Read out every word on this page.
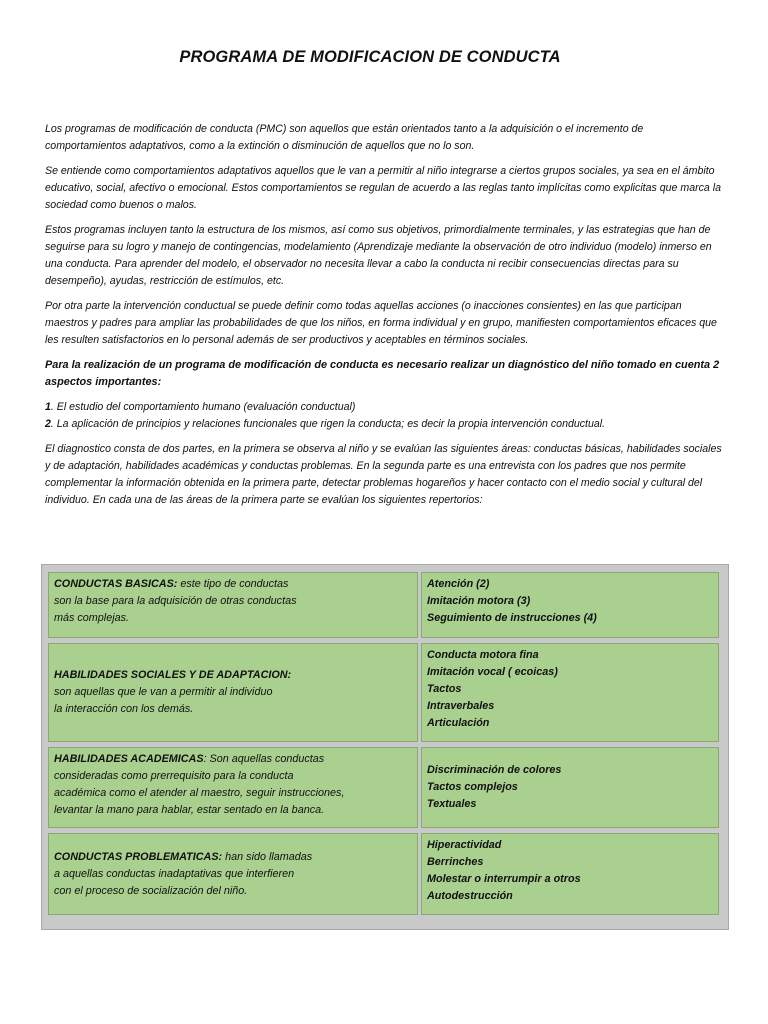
PROGRAMA DE MODIFICACION DE CONDUCTA

Los programas de modificación de conducta (PMC) son aquellos que están orientados tanto a la adquisición o el incremento de comportamientos adaptativos, como a la extinción o disminución de aquellos que no lo son.

Se entiende como comportamientos adaptativos aquellos que le van a permitir al niño integrarse a ciertos grupos sociales, ya sea en el ámbito educativo, social, afectivo o emocional. Estos comportamientos se regulan de acuerdo a las reglas tanto implícitas como explicitas que marca la sociedad como buenos o malos.

Estos programas incluyen tanto la estructura de los mismos, así como sus objetivos, primordialmente terminales, y las estrategias que han de seguirse para su logro y manejo de contingencias, modelamiento (Aprendizaje mediante la observación de otro individuo (modelo) inmerso en una conducta. Para aprender del modelo, el observador no necesita llevar a cabo la conducta ni recibir consecuencias directas para su desempeño), ayudas, restricción de estímulos, etc.

Por otra parte la intervención conductual se puede definir como todas aquellas acciones (o inacciones consientes) en las que participan maestros y padres para ampliar las probabilidades de que los niños, en forma individual y en grupo, manifiesten comportamientos eficaces que les resulten satisfactorios en lo personal además de ser productivos y aceptables en términos sociales.

Para la realización de un programa de modificación de conducta es necesario realizar un diagnóstico del niño tomado en cuenta 2 aspectos importantes:

1. El estudio del comportamiento humano (evaluación conductual)
2. La aplicación de principios y relaciones funcionales que rigen la conducta; es decir la propia intervención conductual.

El diagnostico consta de dos partes, en la primera se observa al niño y se evalúan las siguientes áreas: conductas básicas, habilidades sociales y de adaptación, habilidades académicas y conductas problemas. En la segunda parte es una entrevista con los padres que nos permite complementar la información obtenida en la primera parte, detectar problemas hogareños y hacer contacto con el medio social y cultural del individuo. En cada una de las áreas de la primera parte se evalúan los siguientes repertorios:

CONDUCTAS BASICAS: este tipo de conductas
son la base para la adquisición de otras conductas
más complejas.
Atención (2)
Imitación motora (3)
Seguimiento de instrucciones (4)
HABILIDADES SOCIALES Y DE ADAPTACION:
son aquellas que le van a permitir al individuo
la interacción con los demás.
Conducta motora fina
Imitación vocal ( ecoicas)
Tactos
Intraverbales
Articulación
HABILIDADES ACADEMICAS: Son aquellas conductas
consideradas como prerrequisito para la conducta
académica como el atender al maestro, seguir instrucciones,
levantar la mano para hablar, estar sentado en la banca.
Discriminación de colores
Tactos complejos
Textuales
CONDUCTAS PROBLEMATICAS: han sido llamadas
a aquellas conductas inadaptativas que interfieren
con el proceso de socialización del niño.
Hiperactividad
Berrinches
Molestar o interrumpir a otros
Autodestrucción
